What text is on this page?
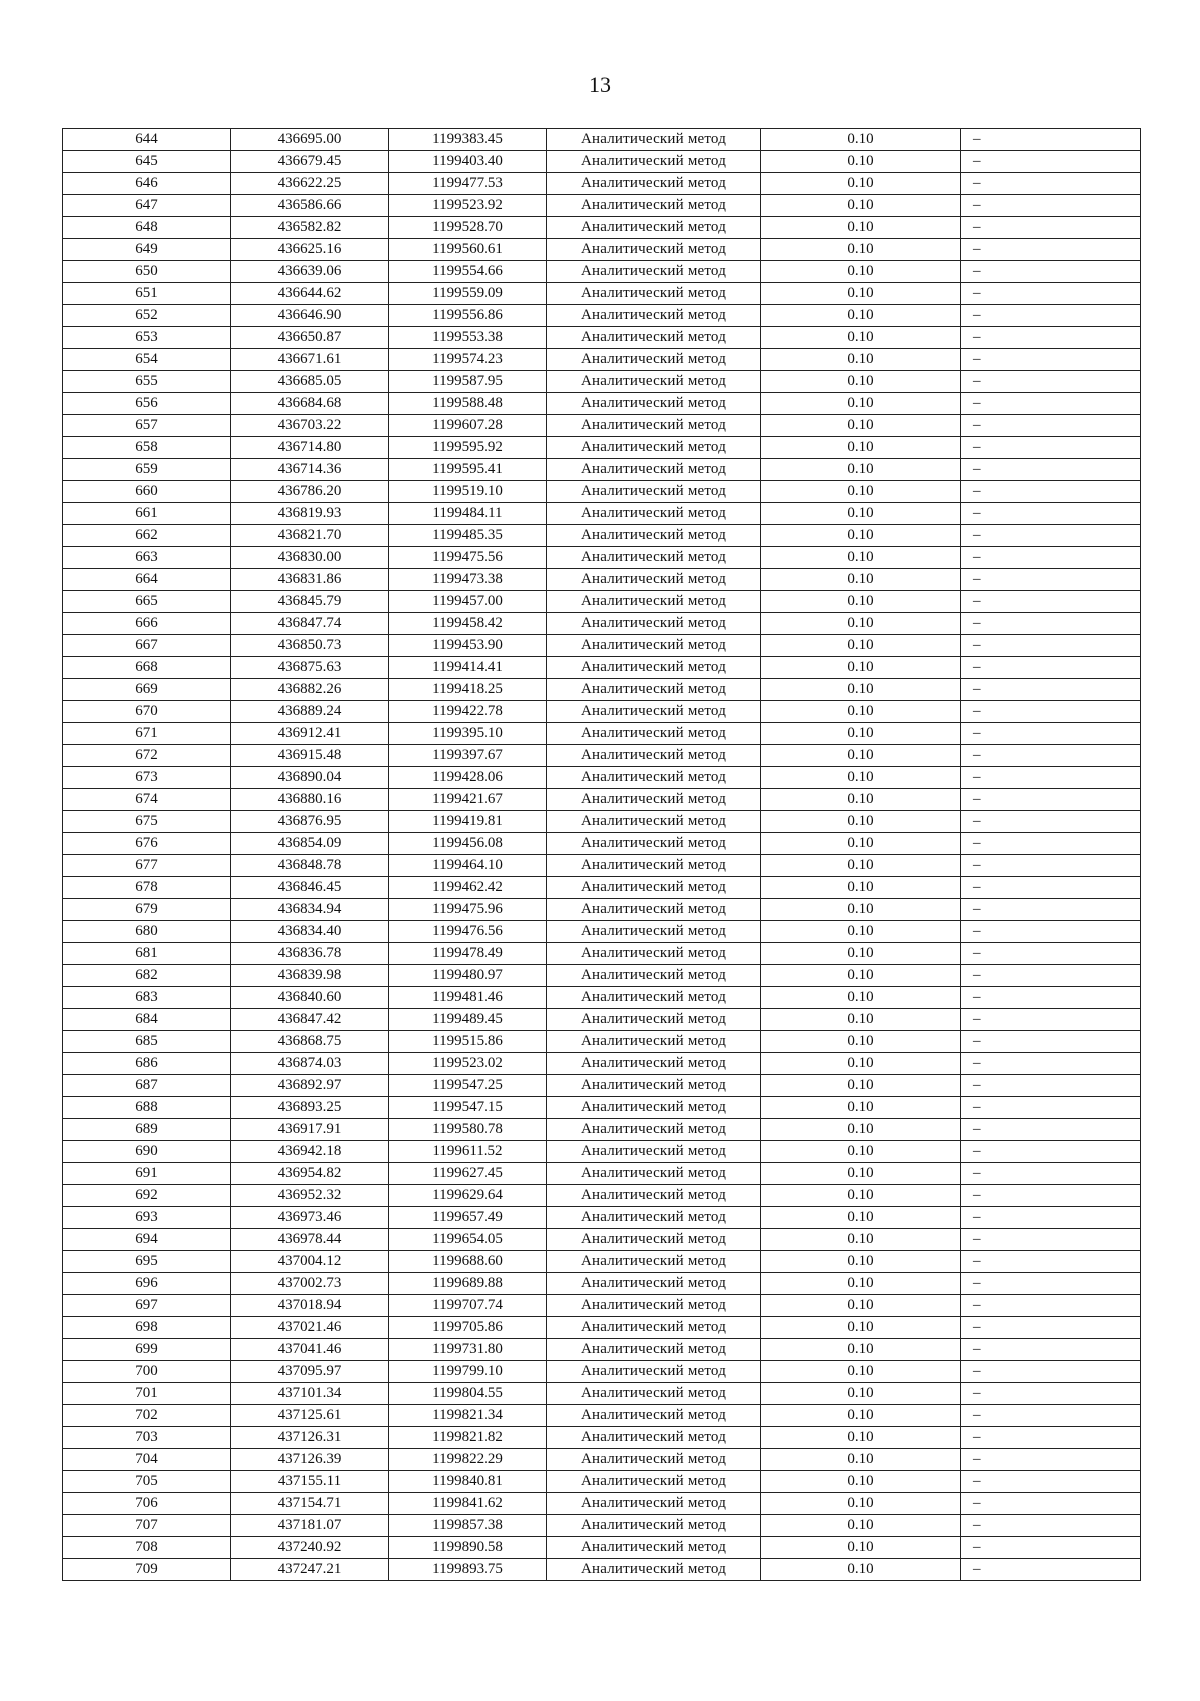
13
644	436695.00	1199383.45	Аналитический метод	0.10	–
645	436679.45	1199403.40	Аналитический метод	0.10	–
646	436622.25	1199477.53	Аналитический метод	0.10	–
647	436586.66	1199523.92	Аналитический метод	0.10	–
648	436582.82	1199528.70	Аналитический метод	0.10	–
649	436625.16	1199560.61	Аналитический метод	0.10	–
650	436639.06	1199554.66	Аналитический метод	0.10	–
651	436644.62	1199559.09	Аналитический метод	0.10	–
652	436646.90	1199556.86	Аналитический метод	0.10	–
653	436650.87	1199553.38	Аналитический метод	0.10	–
654	436671.61	1199574.23	Аналитический метод	0.10	–
655	436685.05	1199587.95	Аналитический метод	0.10	–
656	436684.68	1199588.48	Аналитический метод	0.10	–
657	436703.22	1199607.28	Аналитический метод	0.10	–
658	436714.80	1199595.92	Аналитический метод	0.10	–
659	436714.36	1199595.41	Аналитический метод	0.10	–
660	436786.20	1199519.10	Аналитический метод	0.10	–
661	436819.93	1199484.11	Аналитический метод	0.10	–
662	436821.70	1199485.35	Аналитический метод	0.10	–
663	436830.00	1199475.56	Аналитический метод	0.10	–
664	436831.86	1199473.38	Аналитический метод	0.10	–
665	436845.79	1199457.00	Аналитический метод	0.10	–
666	436847.74	1199458.42	Аналитический метод	0.10	–
667	436850.73	1199453.90	Аналитический метод	0.10	–
668	436875.63	1199414.41	Аналитический метод	0.10	–
669	436882.26	1199418.25	Аналитический метод	0.10	–
670	436889.24	1199422.78	Аналитический метод	0.10	–
671	436912.41	1199395.10	Аналитический метод	0.10	–
672	436915.48	1199397.67	Аналитический метод	0.10	–
673	436890.04	1199428.06	Аналитический метод	0.10	–
674	436880.16	1199421.67	Аналитический метод	0.10	–
675	436876.95	1199419.81	Аналитический метод	0.10	–
676	436854.09	1199456.08	Аналитический метод	0.10	–
677	436848.78	1199464.10	Аналитический метод	0.10	–
678	436846.45	1199462.42	Аналитический метод	0.10	–
679	436834.94	1199475.96	Аналитический метод	0.10	–
680	436834.40	1199476.56	Аналитический метод	0.10	–
681	436836.78	1199478.49	Аналитический метод	0.10	–
682	436839.98	1199480.97	Аналитический метод	0.10	–
683	436840.60	1199481.46	Аналитический метод	0.10	–
684	436847.42	1199489.45	Аналитический метод	0.10	–
685	436868.75	1199515.86	Аналитический метод	0.10	–
686	436874.03	1199523.02	Аналитический метод	0.10	–
687	436892.97	1199547.25	Аналитический метод	0.10	–
688	436893.25	1199547.15	Аналитический метод	0.10	–
689	436917.91	1199580.78	Аналитический метод	0.10	–
690	436942.18	1199611.52	Аналитический метод	0.10	–
691	436954.82	1199627.45	Аналитический метод	0.10	–
692	436952.32	1199629.64	Аналитический метод	0.10	–
693	436973.46	1199657.49	Аналитический метод	0.10	–
694	436978.44	1199654.05	Аналитический метод	0.10	–
695	437004.12	1199688.60	Аналитический метод	0.10	–
696	437002.73	1199689.88	Аналитический метод	0.10	–
697	437018.94	1199707.74	Аналитический метод	0.10	–
698	437021.46	1199705.86	Аналитический метод	0.10	–
699	437041.46	1199731.80	Аналитический метод	0.10	–
700	437095.97	1199799.10	Аналитический метод	0.10	–
701	437101.34	1199804.55	Аналитический метод	0.10	–
702	437125.61	1199821.34	Аналитический метод	0.10	–
703	437126.31	1199821.82	Аналитический метод	0.10	–
704	437126.39	1199822.29	Аналитический метод	0.10	–
705	437155.11	1199840.81	Аналитический метод	0.10	–
706	437154.71	1199841.62	Аналитический метод	0.10	–
707	437181.07	1199857.38	Аналитический метод	0.10	–
708	437240.92	1199890.58	Аналитический метод	0.10	–
709	437247.21	1199893.75	Аналитический метод	0.10	–
